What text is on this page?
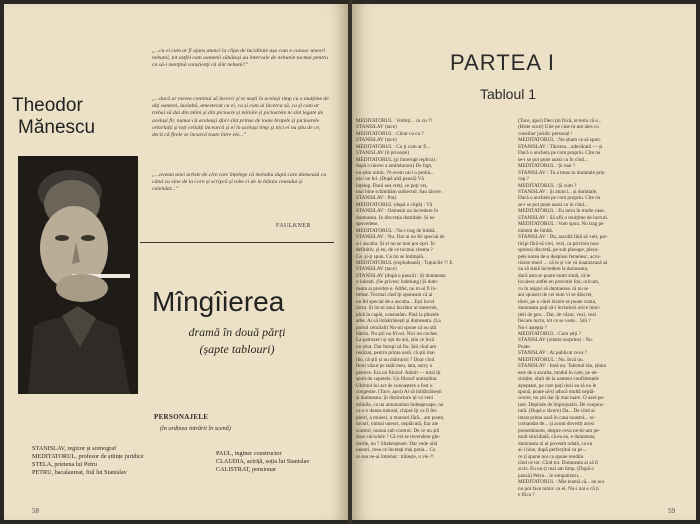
„...cu ei cum ar fi ajuns atunci la clipa de luciditate așa cum o cunosc uneori nebunii, tot astfel cum oamenii sănătoși au intervale de nebunie tocmai pentru ca să-i menţină conștienţi că sînt nebuni?”
Theodor
Mănescu
„...dacă ar merea continui să încerci și te naști în același timp cu o mulțime de alți oameni, laolaltă, amestecat cu ei, ca și cum ai încerca să, ca și cum ar trebui să dai din mîini și din picioare și mîinile și picioarele ni sînt legate de același fir, numai că aceleași sfori sînt prinse de toate brațele și picioarele celorlalți și toți ceilalți încearcă și ei în același timp și nici ei nu știu de ce, decît că firele se încurcă toate între ele...”
„...aveam unei artiste de cire care înțelege că melodia după care dansează cu câtul cu vine de la corn și scripcă și tobe ci de la bătaia ceasului și calendar...”
FAULKNER
Mîngîierea
dramă în două părți
(șapte tablouri)
PERSONAJELE
(în ordinea intrării în scenă)
STANISLAV, regizor și scenograf
MEDITATORUL, profesor de științe juridice
STELA, prietena lui Petru
PETRU, bacalaureat, fiul lui Stanislav
PAUL, inginer constructor
CLAUDIA, actriță, soția lui Stanislav
CALISTRAT, pensionar
58
PARTEA I
Tabloul 1
MEDITATORUL : Vorbiți... cu cu ?!
STANISLAV (tace)
MEDITATORUL : Chiar cu cu ?
STANISLAV (tace)
MEDITATORUL : Cu ți cum ar fi...
STANISLAV (îl privește)
MEDITATORUL (și întrerupt replica) :
după o tăcere a amîndurora) De fapt,
nu știm nimic. N-avem nici o probă...
nici un fel. (După altă pauză) Vă
înțeleg. Dacă sea vreți, ce poți vei,
mai bine schimbăm subiectul. Sau tăcere.
STANISLAV : Poți.
MEDITATORUL (după o clipă) : Vă
STANISLAV : Oamenii nu încredere în
dumneata. În discreția dumitale. Și ne
spovedese.
MEDITATORUL : Nu-i trag de limbă.
STANISLAV : Nu. Dar ai un fel special de
a-i asculta. Și ei nu se mai pot opri. În
definitiv, și eu, de ce tocmai chema ?
Ce, și-ți spun. Ce mi se întîmplă.
MEDITATORUL (explodează) : Tuțuicile ?! E
STANISLAV (tace)
STANISLAV (după o pauză) : Și dumneata
o iubești. (Se privesc îndelung) Și dum-
neata ai pierdut-o. Altfel, nu m-ai fi în-
trebat. Tocmai cînd îți spuneam că ai
un fel special de a asculta... Ești locul
tăcut. Și locul unui lucrător al meseriei,
pînă la capăt, constatăm. Pînă la pînzele
albe. Ai să îmbătrânești și dumneata. (La
portul celuilalt) Nu-mi spune că nu știi
bătrîn. Nu știi nu frivol. Nici un cochet.
La patruzeci și opt de ani, știu ce încă
nu știut. Dar începi să fiu. Știi cînd am
realizat, pentru prima oară, că știi mai
rău, că știi și nu mărturisi ? Doar cînd
fiom văzut pe tatăl meu, tata, sorry a
petrece. Era un filozof. Admit — total îți
spuit de capetele. Un filozof antisolitar.
Ultimul lui act de cunoaștere a fost o
congestie. (Tace, apoi) Ai să îmbătrânești
și dumneata. Și distincture iți va veni
mîinile, ca un automation îndeaproape, nu
ca o o dansa natural, chipul îți va fi îm-
pietri, a muieci, a mareuri fără... am poate,
urcuri, numai uneori, neplăcută, fiar ale
control, numai sub control. De ce nu știi
doar căciulele ? Că vei se revendere gîn-
durile, nu ? Shakespeare. Dar vede uită
uneori, ceea ce încetați mai potia... Ca
ce tea ne-ai întrebat : trăiește, o vie ?!
(Tace, apoi) Deci țin frică, te temi că e...
(Riste scurt) Uite pe cine m-am ales cu
consilier juridic personal !
MEDITATORUL : Nu știam ce să spun.
STANISLAV : Tăcerea... adevărată — și
Dacă o ancheta pe cont propriu. Cîte nu
se-i se pot pune aussi cu în cînd...
MEDITATORUL : Și mai ?
STANISLAV : Tu a treaz tu dumitale prin
cap ?
MEDITATORUL : Și cum ?
STANISLAV : Și atunci... și dumitale,
Dacă o ancheta pe cont propriu. Cîte nu
se-i se pot pune aussi cu în cînd...
MEDITATORUL : Eu intru în multe case.
STANISLAV : Să afli o mulțime de lucruri.
MEDITATORUL : Vom spun. Nu trag pe
nimeni de limbă.
STANISLAV : Da, ascultă fără să vrei, par-
ticipi fără să vrei, vezi, ca privirea noa-
sporeai discretă, pe sub pleoape, pleca-
pele notea de-a despinsi femeiesc, acru-
rizeze tineri ... că le și vie vă nuanizează să
nu să sintă încredere la dumneata,
dacă asta se poate numi simă, că te
locuiesc astfel en provotie fon; oricum,
cu în asigur să dumnezeu că nu se
ani spuneri de cei eum vi se dincret,
tăcei, pe o cărei tăcere se poate conta,
dumneata poți să-i încheiezi orice intui-
țieli de gen... Dar, de văzut, vezi, vezi
fiecare lucru, tot ce se vede... Știi ?
Nu-i aștepta ?
MEDITATORUL : Cum știți ?
STANISLAV (relatie surprins) : Nu.
Poate.
STANISLAV : Ai publicat ceva ?
MEDITATORUL : Nu. Încă nu.
STANISLAV : Îneă nu. Talentul tău, știuta
este de a asculta, modul în care, pe ne-
simțite, obții de la oameni confidențele
așteptate, pe care poți dozi ea să nu le
spună, poate să-ți aducă multă neplă-
cerere, nu știi dar îți mai tuare. O aare pe-
tare. Depinde de împrejurări. De conjunc-
tură. (După o tăcere) Da... De cînd ai
intrat prima oară în casa noastră... re-
comandat de... și acum dovedit acest
presentiment, despre ceva ne-tir-am pe-
mult sincidială, că eu ea, e dumneata,
dumneata ni ai povestit odată, ca eu
ai-i bine, după perfecțitul ca pe...
ce ți spune noi ca spune rendita
cînd ce tot. Cînd tot. Dumneata ai să fi
scris. Eu nu-ți mai am timp. (După o
pauză) Petru... le simpatizezi...
MEDITATORUL : Mie teamă că... ne noi
nu pot face nimic cu el. Nu-i nai e că ți
e frica ?
59
